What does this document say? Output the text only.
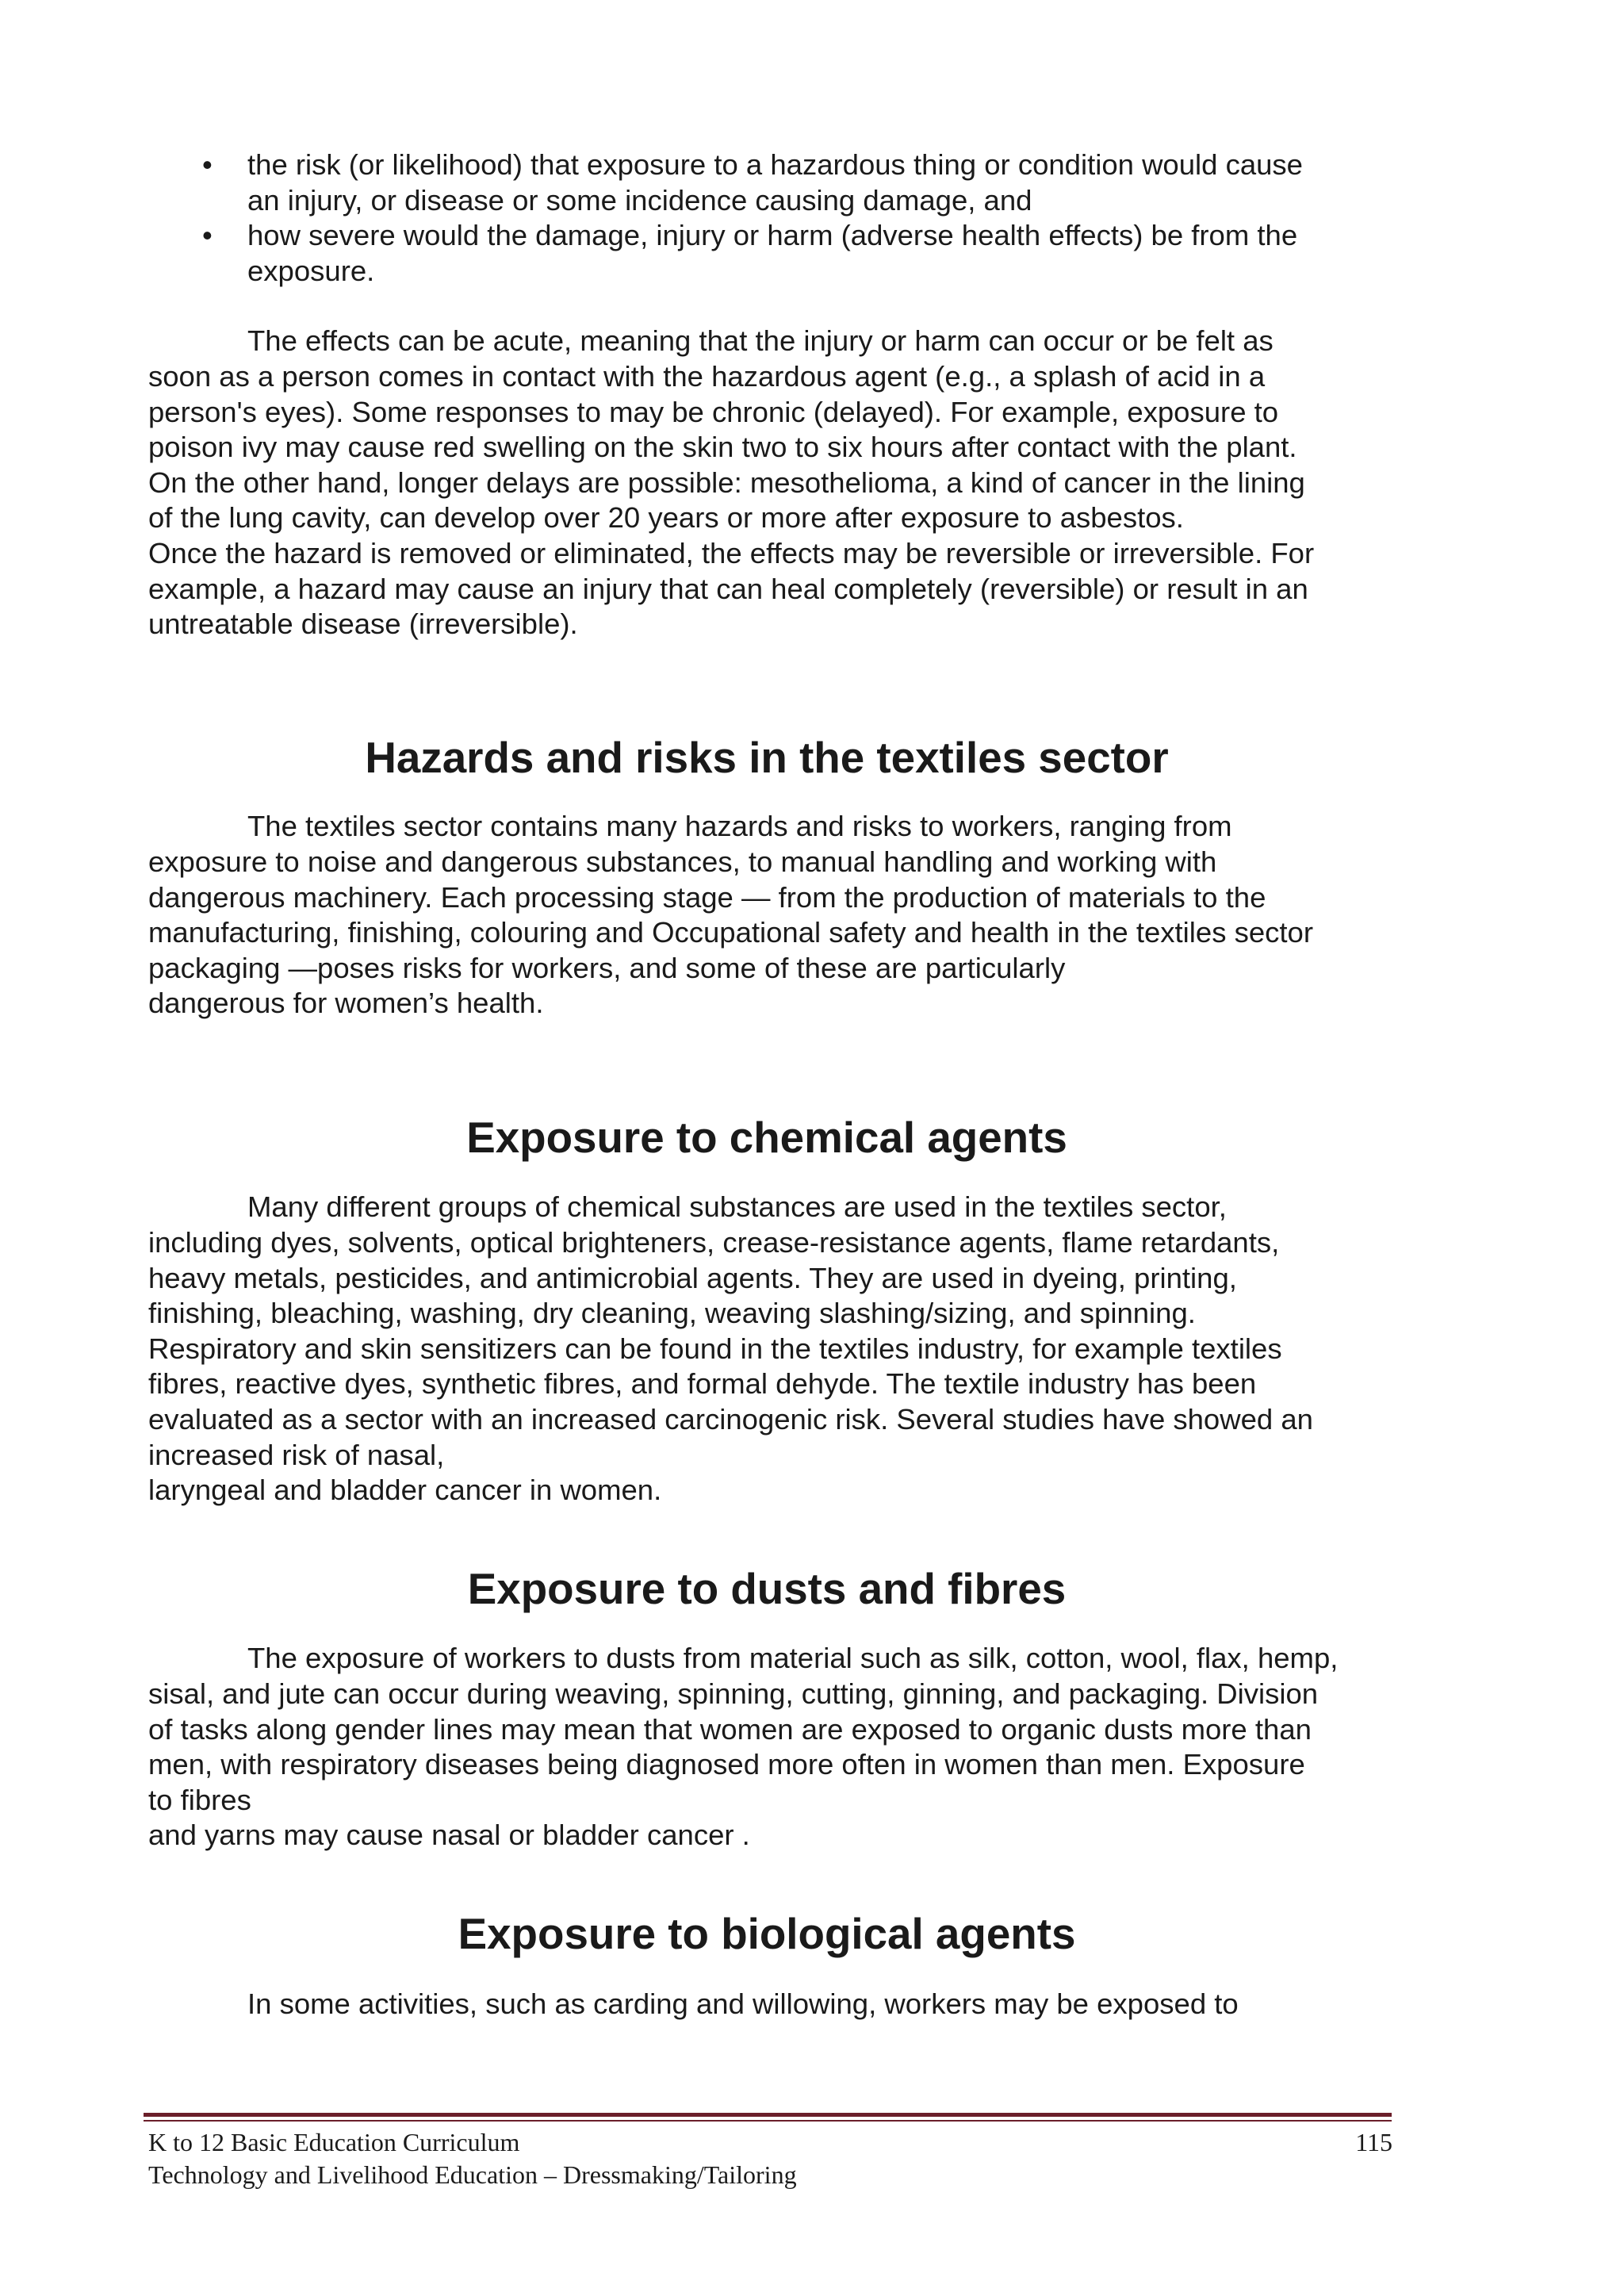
• the risk (or likelihood) that exposure to a hazardous thing or condition would cause
an injury, or disease or some incidence causing damage, and
• how severe would the damage, injury or harm (adverse health effects) be from the
exposure.

The effects can be acute, meaning that the injury or harm can occur or be felt as
soon as a person comes in contact with the hazardous agent (e.g., a splash of acid in a
person's eyes). Some responses to may be chronic (delayed). For example, exposure to
poison ivy may cause red swelling on the skin two to six hours after contact with the plant.
On the other hand, longer delays are possible: mesothelioma, a kind of cancer in the lining
of the lung cavity, can develop over 20 years or more after exposure to asbestos.
Once the hazard is removed or eliminated, the effects may be reversible or irreversible. For
example, a hazard may cause an injury that can heal completely (reversible) or result in an
untreatable disease (irreversible).

Hazards and risks in the textiles sector

The textiles sector contains many hazards and risks to workers, ranging from
exposure to noise and dangerous substances, to manual handling and working with
dangerous machinery. Each processing stage — from the production of materials to the
manufacturing, finishing, colouring and Occupational safety and health in the textiles sector
packaging —poses risks for workers, and some of these are particularly
dangerous for women’s health.

Exposure to chemical agents

Many different groups of chemical substances are used in the textiles sector,
including dyes, solvents, optical brighteners, crease-resistance agents, flame retardants,
heavy metals, pesticides, and antimicrobial agents. They are used in dyeing, printing,
finishing, bleaching, washing, dry cleaning, weaving slashing/sizing, and spinning.
Respiratory and skin sensitizers can be found in the textiles industry, for example textiles
fibres, reactive dyes, synthetic fibres, and formal dehyde. The textile industry has been
evaluated as a sector with an increased carcinogenic risk. Several studies have showed an
increased risk of nasal,
laryngeal and bladder cancer in women.

Exposure to dusts and fibres

The exposure of workers to dusts from material such as silk, cotton, wool, flax, hemp,
sisal, and jute can occur during weaving, spinning, cutting, ginning, and packaging. Division
of tasks along gender lines may mean that women are exposed to organic dusts more than
men, with respiratory diseases being diagnosed more often in women than men. Exposure
to fibres
and yarns may cause nasal or bladder cancer .

Exposure to biological agents

In some activities, such as carding and willowing, workers may be exposed to

K to 12 Basic Education Curriculum	115
Technology and Livelihood Education – Dressmaking/Tailoring
